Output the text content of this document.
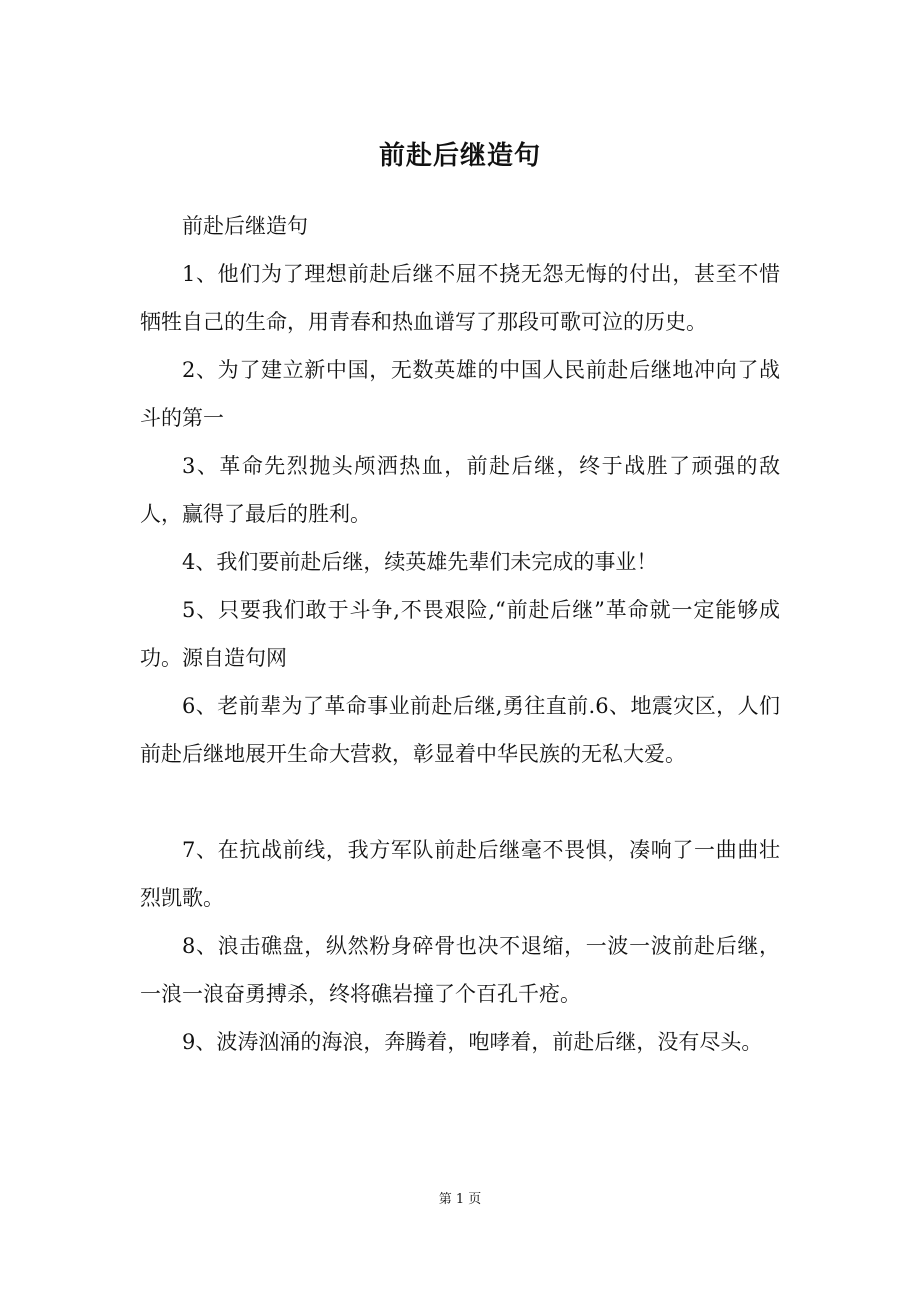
前赴后继造句

前赴后继造句

1、他们为了理想前赴后继不屈不挠无怨无悔的付出，甚至不惜牺牲自己的生命，用青春和热血谱写了那段可歌可泣的历史。

2、为了建立新中国，无数英雄的中国人民前赴后继地冲向了战斗的第一

3、革命先烈抛头颅洒热血，前赴后继，终于战胜了顽强的敌人，赢得了最后的胜利。

4、我们要前赴后继，续英雄先辈们未完成的事业！

5、只要我们敢于斗争,不畏艰险,“前赴后继”革命就一定能够成功。源自造句网

6、老前辈为了革命事业前赴后继,勇往直前.6、地震灾区，人们前赴后继地展开生命大营救，彰显着中华民族的无私大爱。

7、在抗战前线，我方军队前赴后继毫不畏惧，凑响了一曲曲壮烈凯歌。

8、浪击礁盘，纵然粉身碎骨也决不退缩，一波一波前赴后继，一浪一浪奋勇搏杀，终将礁岩撞了个百孔千疮。

9、波涛汹涌的海浪，奔腾着，咆哮着，前赴后继，没有尽头。

第 1 页
